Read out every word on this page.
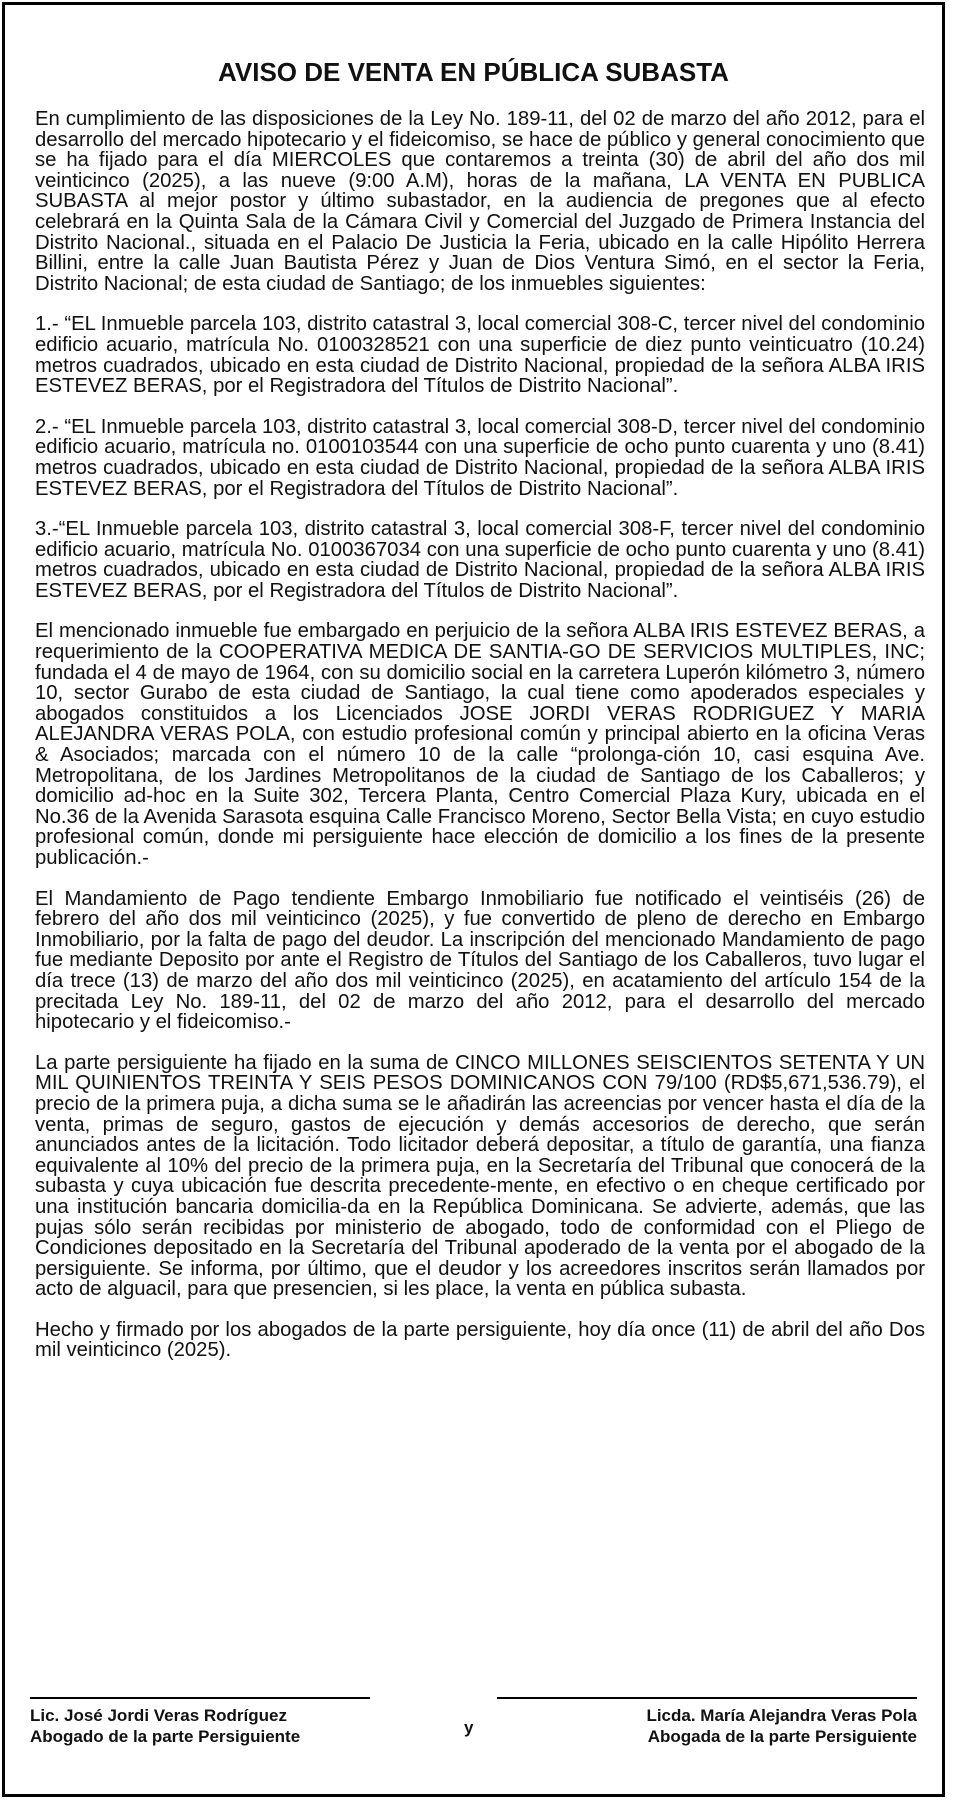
AVISO DE VENTA EN PÚBLICA SUBASTA

En cumplimiento de las disposiciones de la Ley No. 189-11, del 02 de marzo del año 2012, para el desarrollo del mercado hipotecario y el fideicomiso, se hace de público y general conocimiento que se ha fijado para el día MIERCOLES que contaremos a treinta (30) de abril del año dos mil veinticinco (2025), a las nueve (9:00 A.M), horas de la mañana, LA VENTA EN PUBLICA SUBASTA al mejor postor y último subastador, en la audiencia de pregones que al efecto celebrará en la Quinta Sala de la Cámara Civil y Comercial del Juzgado de Primera Instancia del Distrito Nacional., situada en el Palacio De Justicia la Feria, ubicado en la calle Hipólito Herrera Billini, entre la calle Juan Bautista Pérez y Juan de Dios Ventura Simó, en el sector la Feria, Distrito Nacional; de esta ciudad de Santiago; de los inmuebles siguientes:

1.- “EL Inmueble parcela 103, distrito catastral 3, local comercial 308-C, tercer nivel del condominio edificio acuario, matrícula No. 0100328521 con una superficie de diez punto veinticuatro (10.24) metros cuadrados, ubicado en esta ciudad de Distrito Nacional, propiedad de la señora ALBA IRIS ESTEVEZ BERAS, por el Registradora del Títulos de Distrito Nacional”.

2.- “EL Inmueble parcela 103, distrito catastral 3, local comercial 308-D, tercer nivel del condominio edificio acuario, matrícula no. 0100103544 con una superficie de ocho punto cuarenta y uno (8.41) metros cuadrados, ubicado en esta ciudad de Distrito Nacional, propiedad de la señora ALBA IRIS ESTEVEZ BERAS, por el Registradora del Títulos de Distrito Nacional”.

3.-“EL Inmueble parcela 103, distrito catastral 3, local comercial 308-F, tercer nivel del condominio edificio acuario, matrícula No. 0100367034 con una superficie de ocho punto cuarenta y uno (8.41) metros cuadrados, ubicado en esta ciudad de Distrito Nacional, propiedad de la señora ALBA IRIS ESTEVEZ BERAS, por el Registradora del Títulos de Distrito Nacional”.

El mencionado inmueble fue embargado en perjuicio de la señora ALBA IRIS ESTEVEZ BERAS, a requerimiento de la COOPERATIVA MEDICA DE SANTIA-GO DE SERVICIOS MULTIPLES, INC; fundada el 4 de mayo de 1964, con su domicilio social en la carretera Luperón kilómetro 3, número 10, sector Gurabo de esta ciudad de Santiago, la cual tiene como apoderados especiales y abogados constituidos a los Licenciados JOSE JORDI VERAS RODRIGUEZ Y MARIA ALEJANDRA VERAS POLA, con estudio profesional común y principal abierto en la oficina Veras & Asociados; marcada con el número 10 de la calle “prolonga-ción 10, casi esquina Ave. Metropolitana, de los Jardines Metropolitanos de la ciudad de Santiago de los Caballeros; y domicilio ad-hoc en la Suite 302, Tercera Planta, Centro Comercial Plaza Kury, ubicada en el No.36 de la Avenida Sarasota esquina Calle Francisco Moreno, Sector Bella Vista; en cuyo estudio profesional común, donde mi persiguiente hace elección de domicilio a los fines de la presente publicación.-

El Mandamiento de Pago tendiente Embargo Inmobiliario fue notificado el veintiséis (26) de febrero del año dos mil veinticinco (2025), y fue convertido de pleno de derecho en Embargo Inmobiliario, por la falta de pago del deudor. La inscripción del mencionado Mandamiento de pago fue mediante Deposito por ante el Registro de Títulos del Santiago de los Caballeros, tuvo lugar el día trece (13) de marzo del año dos mil veinticinco (2025), en acatamiento del artículo 154 de la precitada Ley No. 189-11, del 02 de marzo del año 2012, para el desarrollo del mercado hipotecario y el fideicomiso.-

La parte persiguiente ha fijado en la suma de CINCO MILLONES SEISCIENTOS SETENTA Y UN MIL QUINIENTOS TREINTA Y SEIS PESOS DOMINICANOS CON 79/100 (RD$5,671,536.79), el precio de la primera puja, a dicha suma se le añadirán las acreencias por vencer hasta el día de la venta, primas de seguro, gastos de ejecución y demás accesorios de derecho, que serán anunciados antes de la licitación. Todo licitador deberá depositar, a título de garantía, una fianza equivalente al 10% del precio de la primera puja, en la Secretaría del Tribunal que conocerá de la subasta y cuya ubicación fue descrita precedente-mente, en efectivo o en cheque certificado por una institución bancaria domicilia-da en la República Dominicana. Se advierte, además, que las pujas sólo serán recibidas por ministerio de abogado, todo de conformidad con el Pliego de Condiciones depositado en la Secretaría del Tribunal apoderado de la venta por el abogado de la persiguiente. Se informa, por último, que el deudor y los acreedores inscritos serán llamados por acto de alguacil, para que presencien, si les place, la venta en pública subasta.

Hecho y firmado por los abogados de la parte persiguiente, hoy día once (11) de abril del año Dos mil veinticinco (2025).

Lic. José Jordi Veras Rodríguez
Abogado de la parte Persiguiente	y
Licda. María Alejandra Veras Pola
Abogada de la parte Persiguiente
